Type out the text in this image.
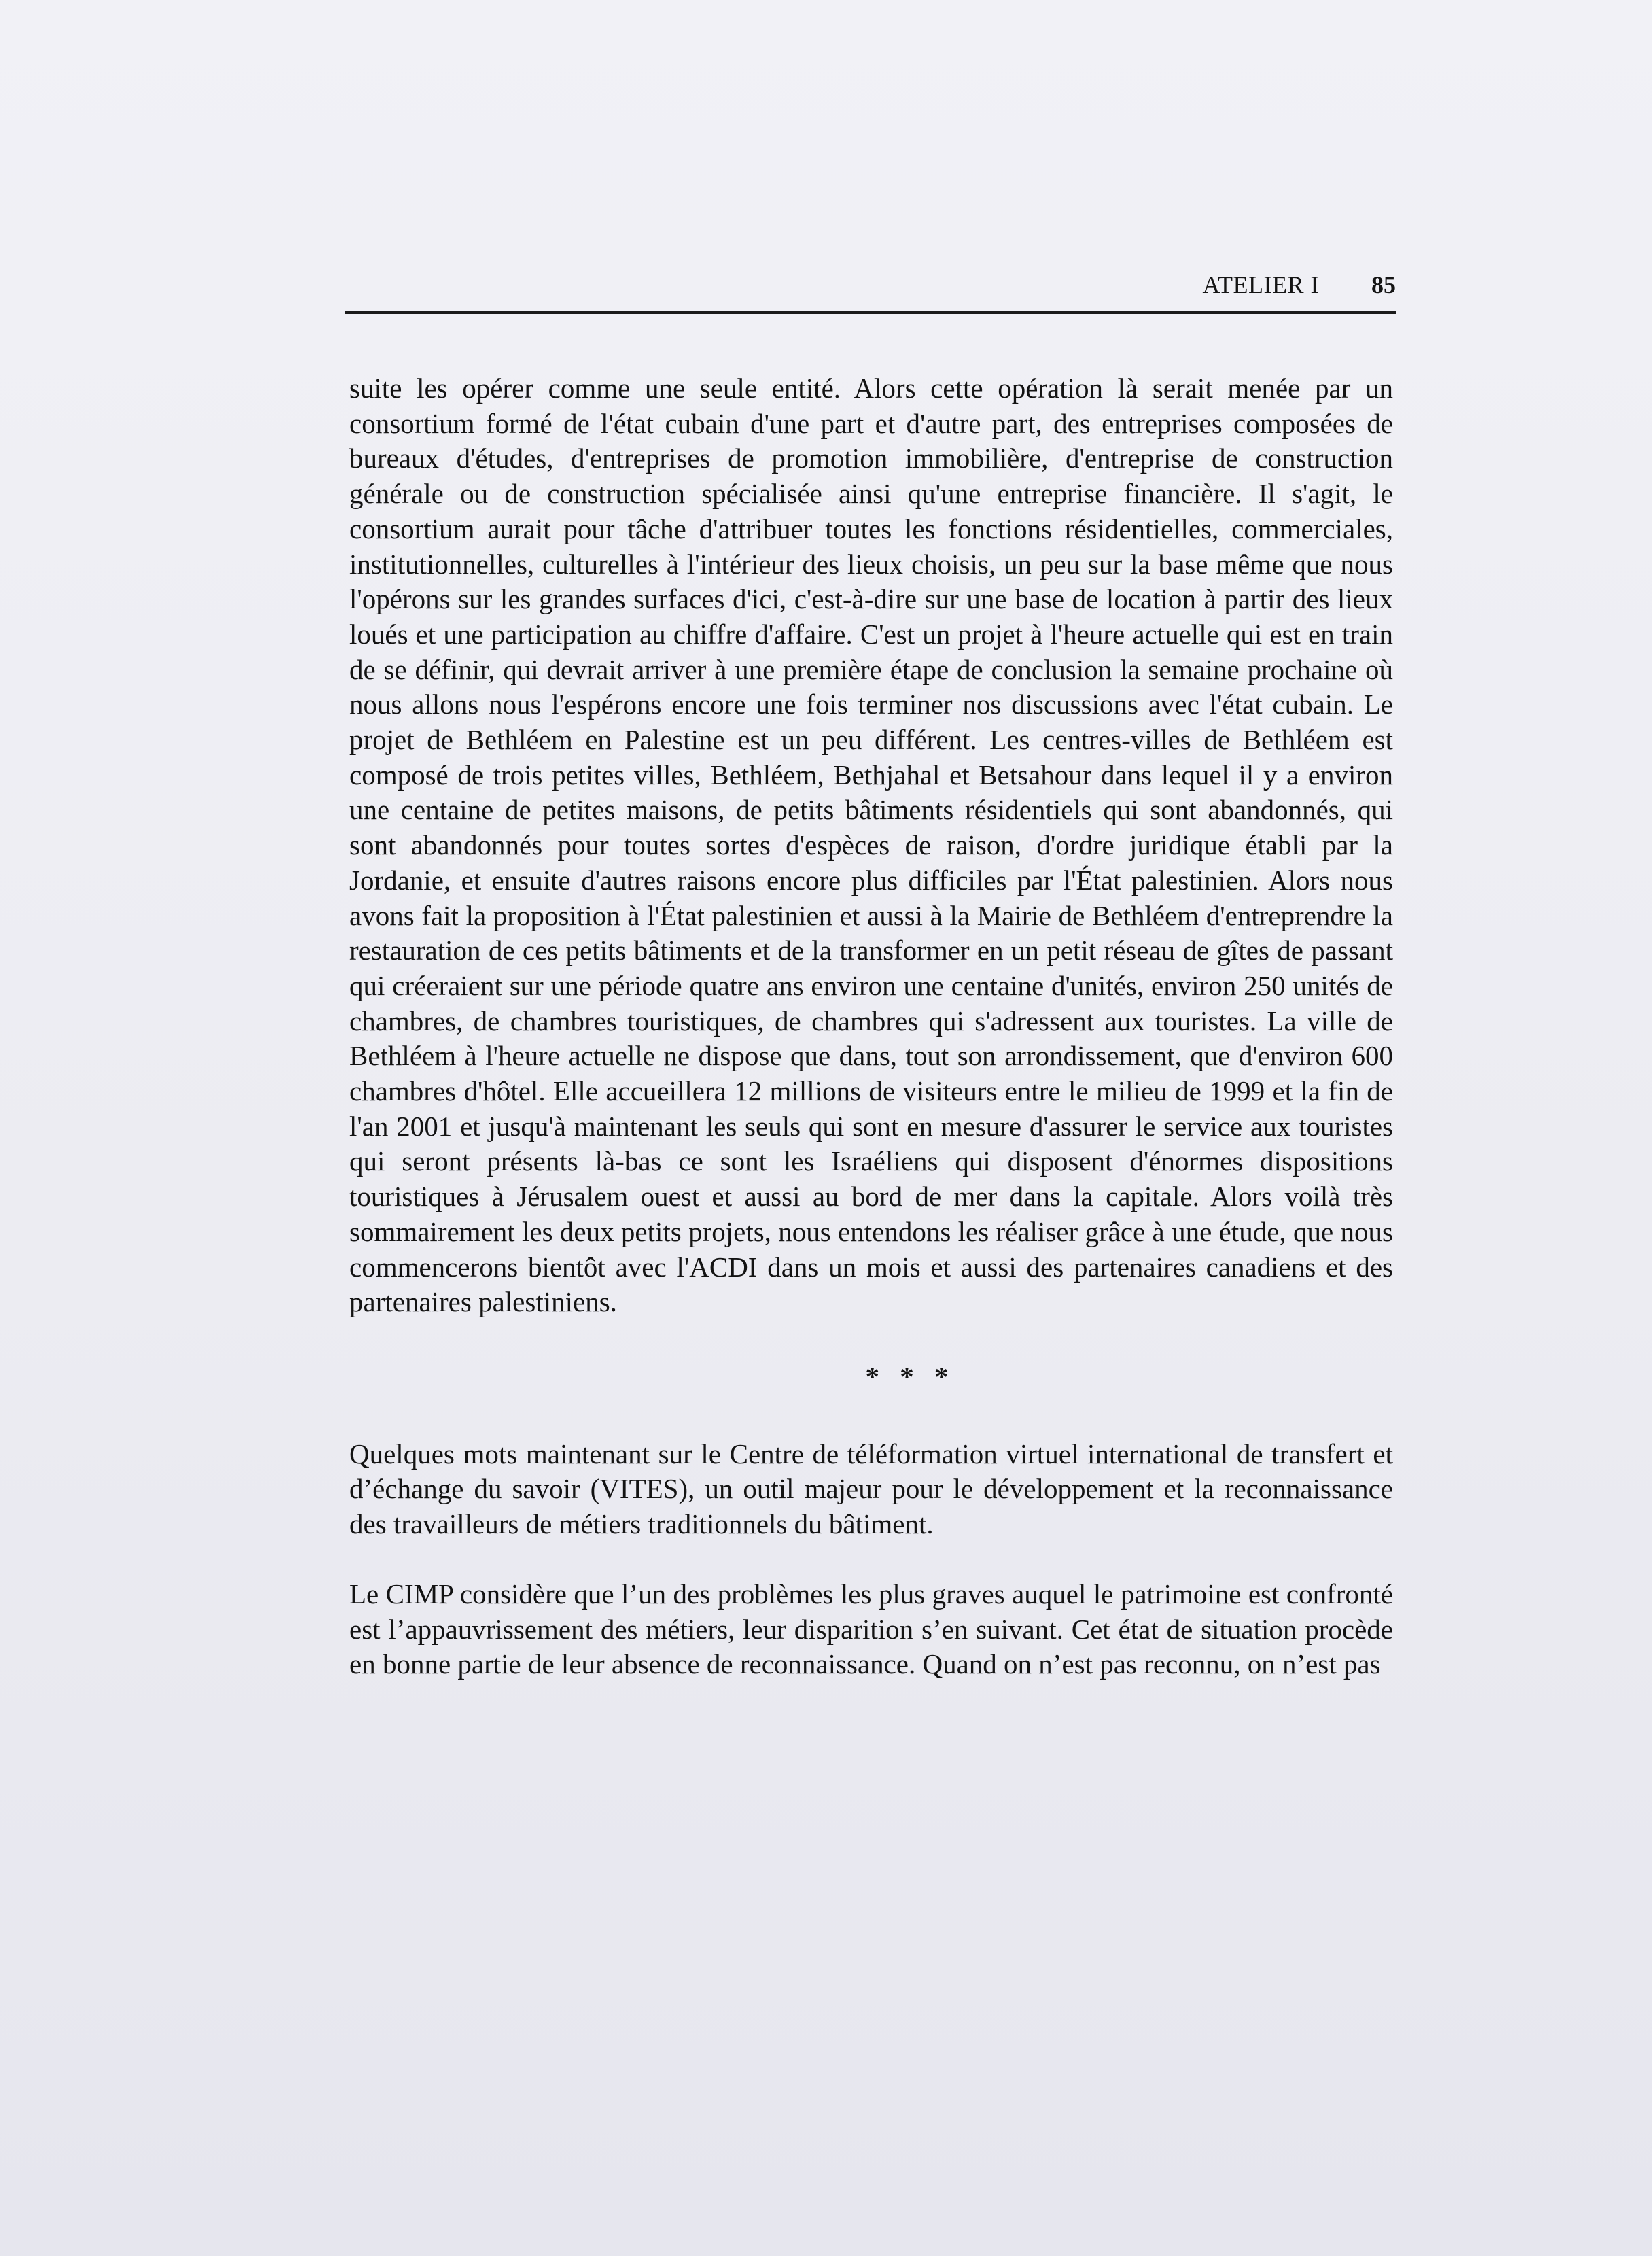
ATELIER I 85

suite les opérer comme une seule entité. Alors cette opération là serait menée par un consortium formé de l'état cubain d'une part et d'autre part, des entreprises composées de bureaux d'études, d'entreprises de promotion immobilière, d'entreprise de construction générale ou de construction spécialisée ainsi qu'une entreprise financière. Il s'agit, le consortium aurait pour tâche d'attribuer toutes les fonctions résidentielles, commerciales, institutionnelles, culturelles à l'intérieur des lieux choisis, un peu sur la base même que nous l'opérons sur les grandes surfaces d'ici, c'est-à-dire sur une base de location à partir des lieux loués et une participation au chiffre d'affaire. C'est un projet à l'heure actuelle qui est en train de se définir, qui devrait arriver à une première étape de conclusion la semaine prochaine où nous allons nous l'espérons encore une fois terminer nos discussions avec l'état cubain. Le projet de Bethléem en Palestine est un peu différent. Les centres-villes de Bethléem est composé de trois petites villes, Bethléem, Bethjahal et Betsahour dans lequel il y a environ une centaine de petites maisons, de petits bâtiments résidentiels qui sont abandonnés, qui sont abandonnés pour toutes sortes d'espèces de raison, d'ordre juridique établi par la Jordanie, et ensuite d'autres raisons encore plus difficiles par l'État palestinien. Alors nous avons fait la proposition à l'État palestinien et aussi à la Mairie de Bethléem d'entreprendre la restauration de ces petits bâtiments et de la transformer en un petit réseau de gîtes de passant qui créeraient sur une période quatre ans environ une centaine d'unités, environ 250 unités de chambres, de chambres touristiques, de chambres qui s'adressent aux touristes. La ville de Bethléem à l'heure actuelle ne dispose que dans, tout son arrondissement, que d'environ 600 chambres d'hôtel. Elle accueillera 12 millions de visiteurs entre le milieu de 1999 et la fin de l'an 2001 et jusqu'à maintenant les seuls qui sont en mesure d'assurer le service aux touristes qui seront présents là-bas ce sont les Israéliens qui disposent d'énormes dispositions touristiques à Jérusalem ouest et aussi au bord de mer dans la capitale. Alors voilà très sommairement les deux petits projets, nous entendons les réaliser grâce à une étude, que nous commencerons bientôt avec l'ACDI dans un mois et aussi des partenaires canadiens et des partenaires palestiniens.

* * *

Quelques mots maintenant sur le Centre de téléformation virtuel international de transfert et d’échange du savoir (VITES), un outil majeur pour le développement et la reconnaissance des travailleurs de métiers traditionnels du bâtiment.

Le CIMP considère que l’un des problèmes les plus graves auquel le patrimoine est confronté est l’appauvrissement des métiers, leur disparition s’en suivant. Cet état de situation procède en bonne partie de leur absence de reconnaissance. Quand on n’est pas reconnu, on n’est pas
